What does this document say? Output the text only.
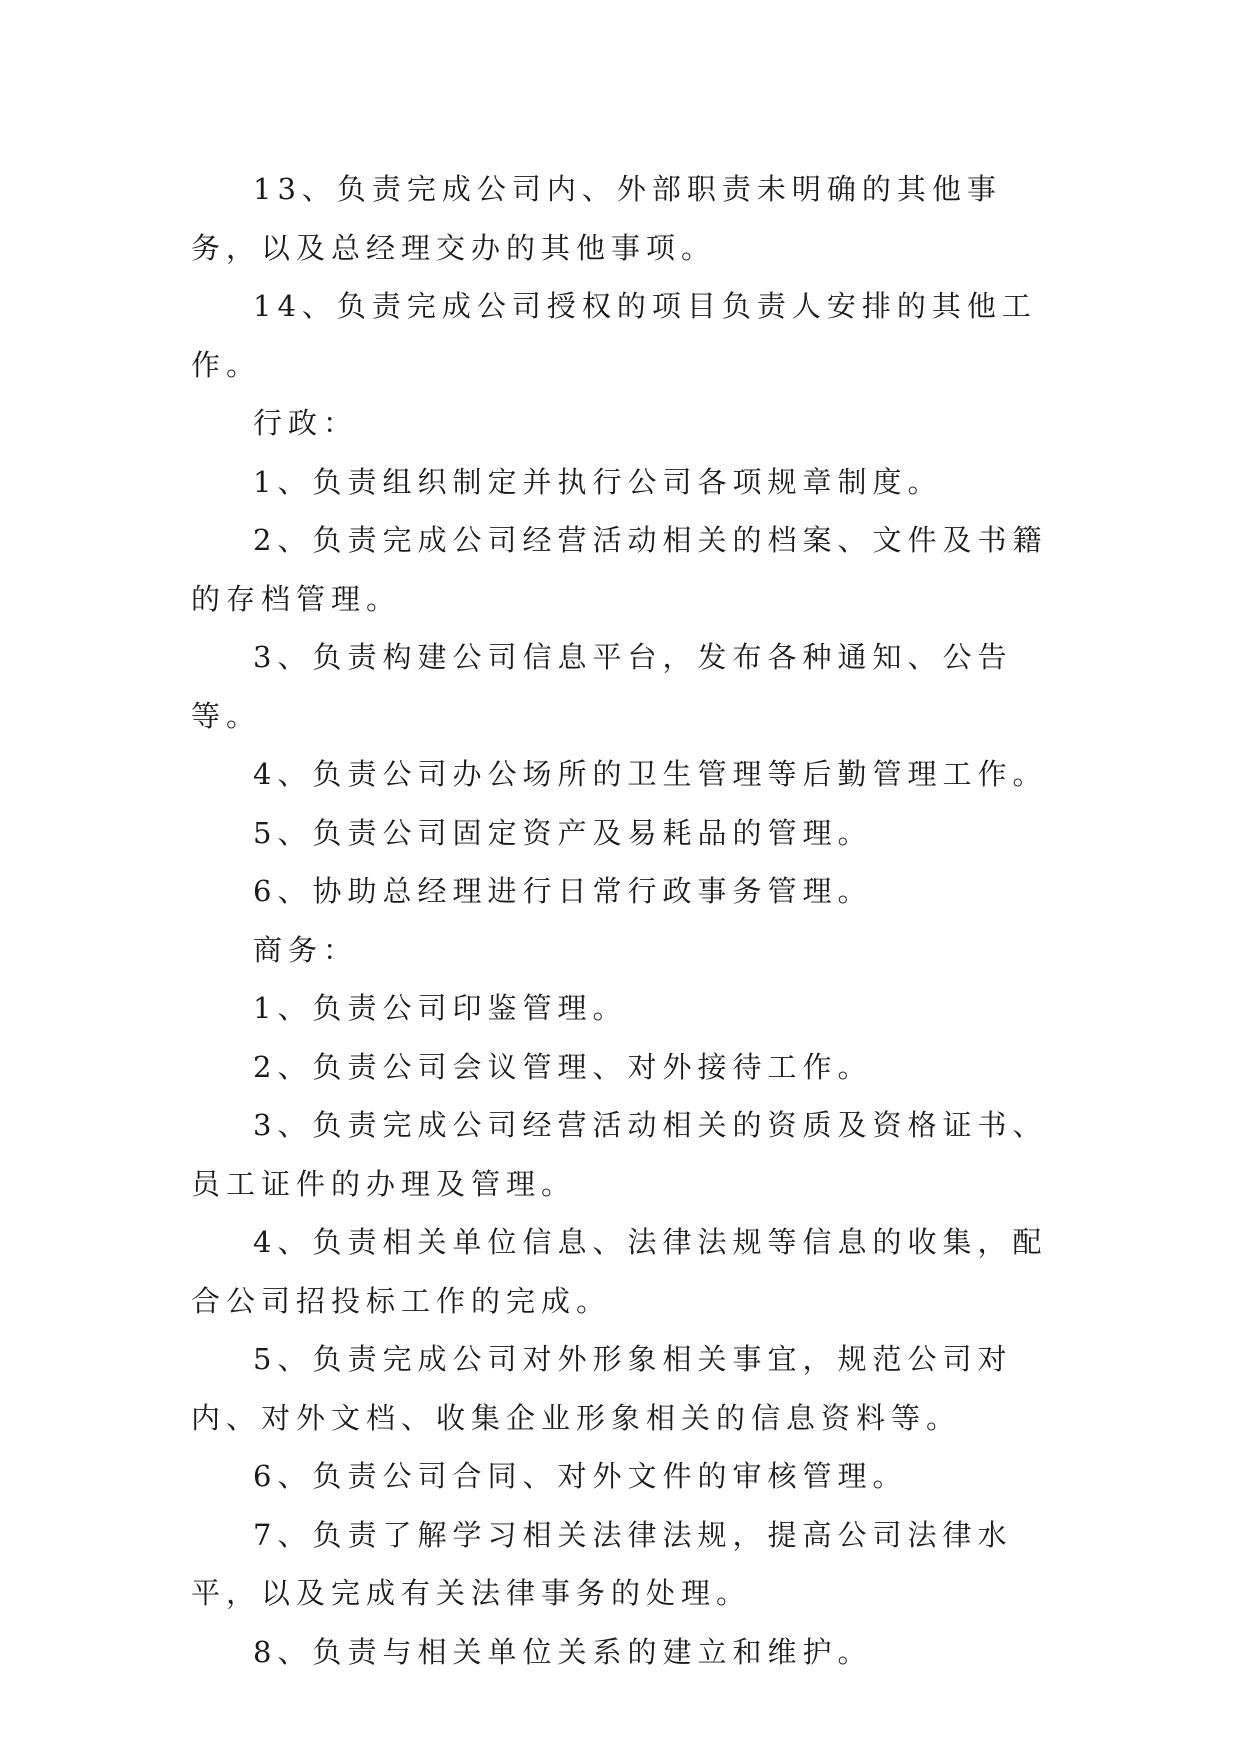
13、负责完成公司内、外部职责未明确的其他事务，以及总经理交办的其他事项。

14、负责完成公司授权的项目负责人安排的其他工作。

行政：

1、负责组织制定并执行公司各项规章制度。

2、负责完成公司经营活动相关的档案、文件及书籍的存档管理。

3、负责构建公司信息平台，发布各种通知、公告等。

4、负责公司办公场所的卫生管理等后勤管理工作。

5、负责公司固定资产及易耗品的管理。

6、协助总经理进行日常行政事务管理。

商务：

1、负责公司印鉴管理。

2、负责公司会议管理、对外接待工作。

3、负责完成公司经营活动相关的资质及资格证书、员工证件的办理及管理。

4、负责相关单位信息、法律法规等信息的收集，配合公司招投标工作的完成。

5、负责完成公司对外形象相关事宜，规范公司对内、对外文档、收集企业形象相关的信息资料等。

6、负责公司合同、对外文件的审核管理。

7、负责了解学习相关法律法规，提高公司法律水平，以及完成有关法律事务的处理。

8、负责与相关单位关系的建立和维护。
